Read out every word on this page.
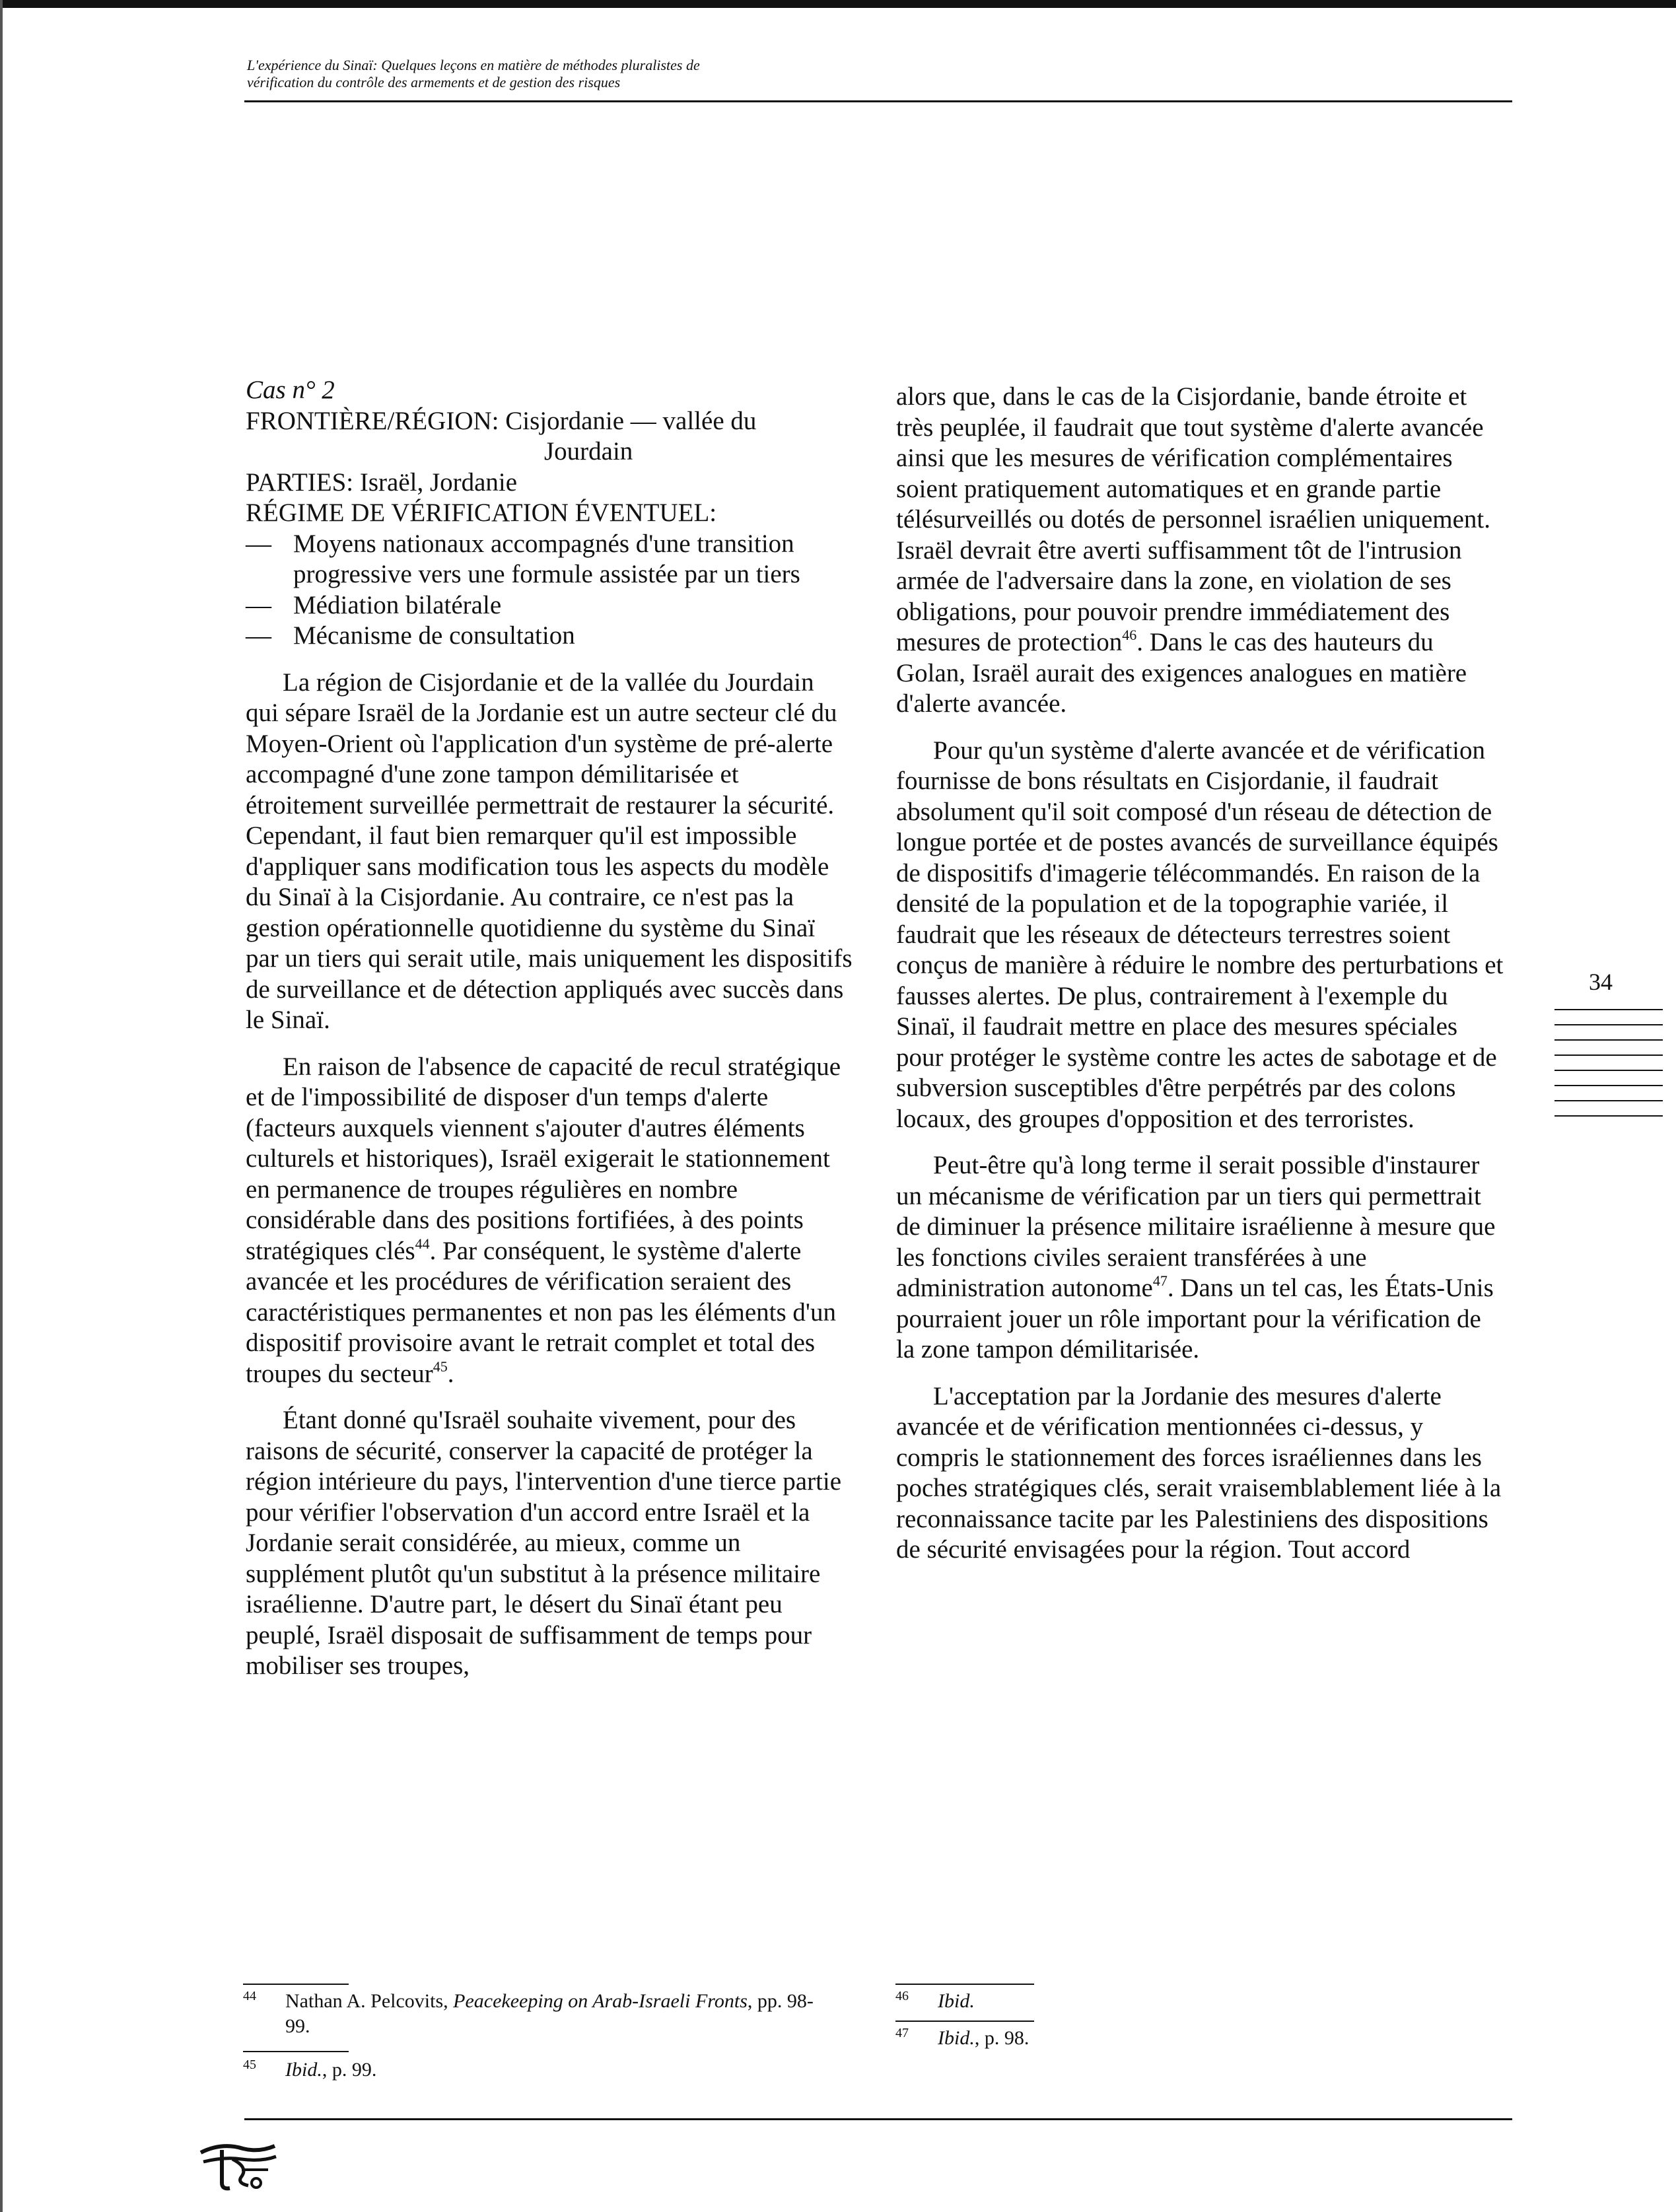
L'expérience du Sinaï: Quelques leçons en matière de méthodes pluralistes de
vérification du contrôle des armements et de gestion des risques
Cas n° 2
FRONTIÈRE/RÉGION: Cisjordanie — vallée du
Jourdain
PARTIES: Israël, Jordanie
RÉGIME DE VÉRIFICATION ÉVENTUEL:
— Moyens nationaux accompagnés d'une transition progressive vers une formule assistée par un tiers
— Médiation bilatérale
— Mécanisme de consultation

La région de Cisjordanie et de la vallée du Jourdain qui sépare Israël de la Jordanie est un autre secteur clé du Moyen-Orient où l'application d'un système de pré-alerte accompagné d'une zone tampon démilitarisée et étroitement surveillée permettrait de restaurer la sécurité. Cependant, il faut bien remarquer qu'il est impossible d'appliquer sans modification tous les aspects du modèle du Sinaï à la Cisjordanie. Au contraire, ce n'est pas la gestion opérationnelle quotidienne du système du Sinaï par un tiers qui serait utile, mais uniquement les dispositifs de surveillance et de détection appliqués avec succès dans le Sinaï.

En raison de l'absence de capacité de recul stratégique et de l'impossibilité de disposer d'un temps d'alerte (facteurs auxquels viennent s'ajouter d'autres éléments culturels et historiques), Israël exigerait le stationnement en permanence de troupes régulières en nombre considérable dans des positions fortifiées, à des points stratégiques clés$^{44}$. Par conséquent, le système d'alerte avancée et les procédures de vérification seraient des caractéristiques permanentes et non pas les éléments d'un dispositif provisoire avant le retrait complet et total des troupes du secteur$^{45}$.

Étant donné qu'Israël souhaite vivement, pour des raisons de sécurité, conserver la capacité de protéger la région intérieure du pays, l'intervention d'une tierce partie pour vérifier l'observation d'un accord entre Israël et la Jordanie serait considérée, au mieux, comme un supplément plutôt qu'un substitut à la présence militaire israélienne. D'autre part, le désert du Sinaï étant peu peuplé, Israël disposait de suffisamment de temps pour mobiliser ses troupes,

alors que, dans le cas de la Cisjordanie, bande étroite et très peuplée, il faudrait que tout système d'alerte avancée ainsi que les mesures de vérification complémentaires soient pratiquement automatiques et en grande partie télésurveillés ou dotés de personnel israélien uniquement. Israël devrait être averti suffisamment tôt de l'intrusion armée de l'adversaire dans la zone, en violation de ses obligations, pour pouvoir prendre immédiatement des mesures de protection$^{46}$. Dans le cas des hauteurs du Golan, Israël aurait des exigences analogues en matière d'alerte avancée.

Pour qu'un système d'alerte avancée et de vérification fournisse de bons résultats en Cisjordanie, il faudrait absolument qu'il soit composé d'un réseau de détection de longue portée et de postes avancés de surveillance équipés de dispositifs d'imagerie télécommandés. En raison de la densité de la population et de la topographie variée, il faudrait que les réseaux de détecteurs terrestres soient conçus de manière à réduire le nombre des perturbations et fausses alertes. De plus, contrairement à l'exemple du Sinaï, il faudrait mettre en place des mesures spéciales pour protéger le système contre les actes de sabotage et de subversion susceptibles d'être perpétrés par des colons locaux, des groupes d'opposition et des terroristes.

Peut-être qu'à long terme il serait possible d'instaurer un mécanisme de vérification par un tiers qui permettrait de diminuer la présence militaire israélienne à mesure que les fonctions civiles seraient transférées à une administration autonome$^{47}$. Dans un tel cas, les États-Unis pourraient jouer un rôle important pour la vérification de la zone tampon démilitarisée.

L'acceptation par la Jordanie des mesures d'alerte avancée et de vérification mentionnées ci-dessus, y compris le stationnement des forces israéliennes dans les poches stratégiques clés, serait vraisemblablement liée à la reconnaissance tacite par les Palestiniens des dispositions de sécurité envisagées pour la région. Tout accord

34
44 Nathan A. Pelcovits, Peacekeeping on Arab-Israeli Fronts, pp. 98-99.
45 Ibid., p. 99.
46 Ibid.
47 Ibid., p. 98.
